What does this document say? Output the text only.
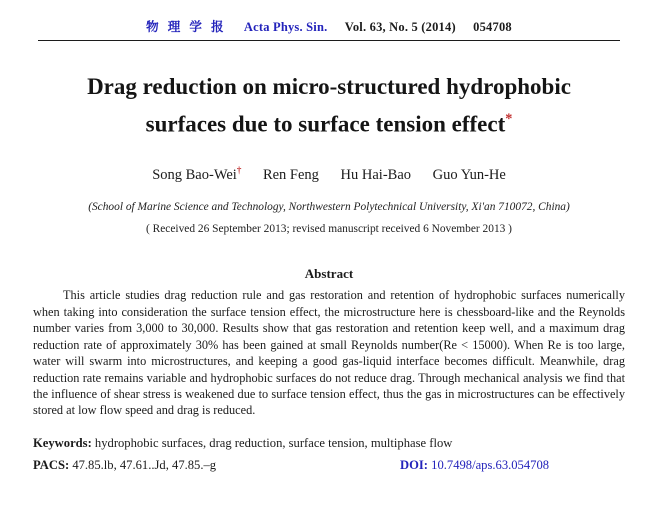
物 理 学 报 Acta Phys. Sin. Vol. 63, No. 5 (2014) 054708
Drag reduction on micro-structured hydrophobic
surfaces due to surface tension effect*
Song Bao-Wei† Ren Feng Hu Hai-Bao Guo Yun-He
(School of Marine Science and Technology, Northwestern Polytechnical University, Xi'an 710072, China)
( Received 26 September 2013; revised manuscript received 6 November 2013 )
Abstract

This article studies drag reduction rule and gas restoration and retention of hydrophobic surfaces numerically when taking into consideration the surface tension effect, the microstructure here is chessboard-like and the Reynolds number varies from 3,000 to 30,000. Results show that gas restoration and retention keep well, and a maximum drag reduction rate of approximately 30% has been gained at small Reynolds number(Re < 15000). When Re is too large, water will swarm into microstructures, and keeping a good gas-liquid interface becomes difficult. Meanwhile, drag reduction rate remains variable and hydrophobic surfaces do not reduce drag. Through mechanical analysis we find that the influence of shear stress is weakened due to surface tension effect, thus the gas in microstructures can be effectively stored at low flow speed and drag is reduced.

Keywords: hydrophobic surfaces, drag reduction, surface tension, multiphase flow
PACS: 47.85.lb, 47.61..Jd, 47.85.–g	DOI: 10.7498/aps.63.054708
